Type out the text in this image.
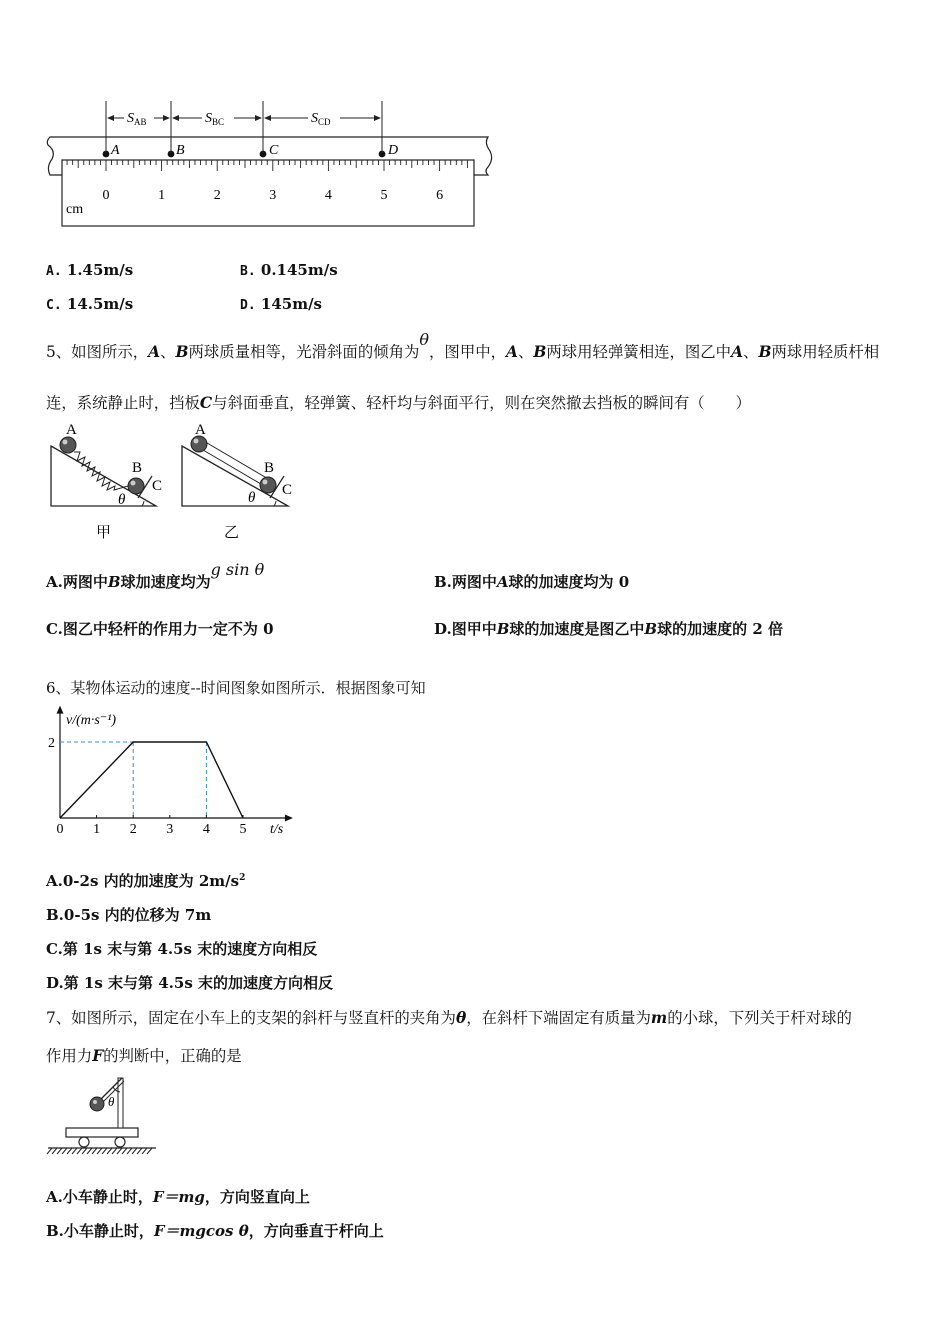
0	1	2	3	4	5	6
cm
A	B	C	D
$S_{AB}$	$S_{BC}$	$S_{CD}$
A. 1.45m/s	B. 0.145m/s
C. 14.5m/s	D. 145m/s
5、如图所示，A、B两球质量相等，光滑斜面的倾角为θ，图甲中，A、B两球用轻弹簧相连，图乙中A、B两球用轻质杆相
连，系统静止时，挡板C与斜面垂直，轻弹簧、轻杆均与斜面平行，则在突然撤去挡板的瞬间有（　　）
A
B
C
θ
甲
A
B
C
θ
乙
A.两图中B球加速度均为g sin θ
B.两图中A球的加速度均为 0
C.图乙中轻杆的作用力一定不为 0	D.图甲中B球的加速度是图乙中B球的加速度的 2 倍
6、某物体运动的速度--时间图象如图所示．根据图象可知
0 1 2 3 4 5
2
v/(m·s⁻¹)
t/s
A.0-2s 内的加速度为 $2m/s^2$
B.0-5s 内的位移为 7m
C.第 1s 末与第 4.5s 末的速度方向相反
D.第 1s 末与第 4.5s 末的加速度方向相反
7、如图所示，固定在小车上的支架的斜杆与竖直杆的夹角为θ，在斜杆下端固定有质量为m的小球，下列关于杆对球的
作用力F的判断中，正确的是
θ
A.小车静止时，F＝mg，方向竖直向上
B.小车静止时，F＝mgcos θ，方向垂直于杆向上
